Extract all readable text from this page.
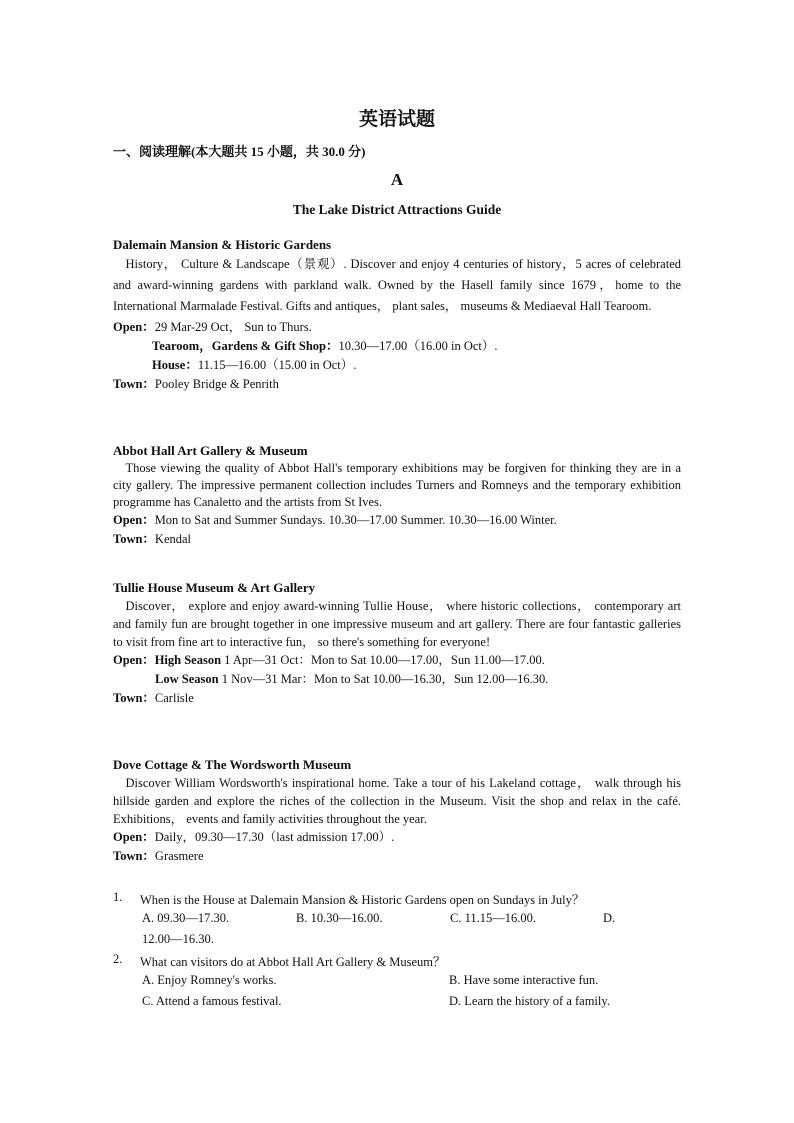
英语试题
一、阅读理解(本大题共 15 小题，共 30.0 分)
A
The Lake District Attractions Guide
Dalemain Mansion & Historic Gardens

History， Culture & Landscape（景观）. Discover and enjoy 4 centuries of history，5 acres of celebrated and award-winning gardens with parkland walk. Owned by the Hasell family since 1679，home to the International Marmalade Festival. Gifts and antiques， plant sales， museums & Mediaeval Hall Tearoom.

Open：29 Mar-29 Oct， Sun to Thurs.
Tearoom，Gardens & Gift Shop：10.30—17.00（16.00 in Oct）.
House：11.15—16.00（15.00 in Oct）.
Town：Pooley Bridge & Penrith
Abbot Hall Art Gallery & Museum

Those viewing the quality of Abbot Hall's temporary exhibitions may be forgiven for thinking they are in a city gallery. The impressive permanent collection includes Turners and Romneys and the temporary exhibition programme has Canaletto and the artists from St Ives.

Open：Mon to Sat and Summer Sundays. 10.30—17.00 Summer. 10.30—16.00 Winter.
Town：Kendal
Tullie House Museum & Art Gallery

Discover， explore and enjoy award-winning Tullie House， where historic collections， contemporary art and family fun are brought together in one impressive museum and art gallery. There are four fantastic galleries to visit from fine art to interactive fun， so there's something for everyone!

Open：High Season 1 Apr—31 Oct：Mon to Sat 10.00—17.00，Sun 11.00—17.00.
Low Season 1 Nov—31 Mar：Mon to Sat 10.00—16.30，Sun 12.00—16.30.
Town：Carlisle
Dove Cottage & The Wordsworth Museum

Discover William Wordsworth's inspirational home. Take a tour of his Lakeland cottage， walk through his hillside garden and explore the riches of the collection in the Museum. Visit the shop and relax in the café. Exhibitions， events and family activities throughout the year.

Open：Daily，09.30—17.30（last admission 17.00）.
Town：Grasmere
1. When is the House at Dalemain Mansion & Historic Gardens open on Sundays in July？
A. 09.30—17.30.	B. 10.30—16.00.	C. 11.15—16.00.	D.
12.00—16.30.
2. What can visitors do at Abbot Hall Art Gallery & Museum？
A. Enjoy Romney's works.	B. Have some interactive fun.
C. Attend a famous festival.	D. Learn the history of a family.
